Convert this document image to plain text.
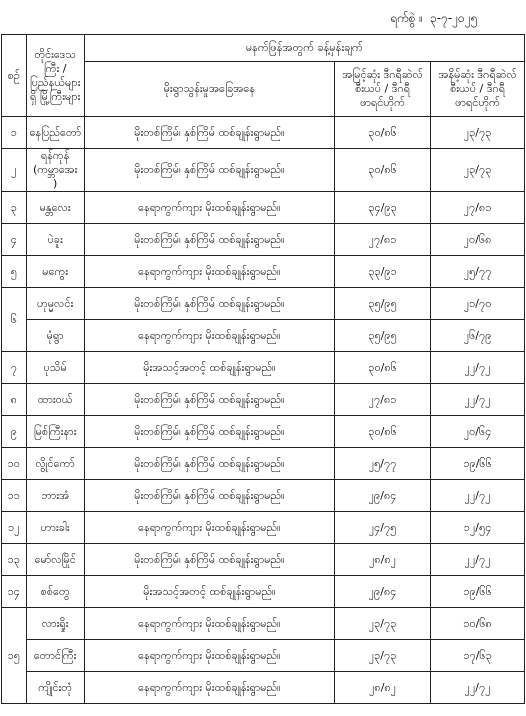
ရက်စွဲ ။ ၃-၇-၂၀၂၅
စဉ်	တိုင်းဒေသကြီး / ပြည်နယ်များရှိ မြို့ကြီးများ	မနက်ဖြန်အတွက် ခန့်မှန်းချက်		
		မိုးရွာသွန်းမှုအခြေအနေ	အမြင့်ဆုံး ဒီဂရီဆဲလ်စီးယပ် / ဒီဂရီဖာရင်ဟိုက်	အနိမ့်ဆုံး ဒီဂရီဆဲလ်စီးယပ် / ဒီဂရီဖာရင်ဟိုက်
၁	နေပြည်တော်	မိုးတစ်ကြိမ်၊ နှစ်ကြိမ် ထစ်ချုန်းရွာမည်။	၃၀/၈၆	၂၃/၇၃
၂	ရန်ကုန် (ကမ္ဘာအေး )	မိုးတစ်ကြိမ်၊ နှစ်ကြိမ် ထစ်ချုန်းရွာမည်။	၃၀/၈၆	၂၃/၇၃
၃	မန္တလေး	နေရာကွက်ကျား မိုးထစ်ချုန်းရွာမည်။	၃၄/၉၃	၂၇/၈၁
၄	ပဲခူး	မိုးတစ်ကြိမ်၊ နှစ်ကြိမ် ထစ်ချုန်းရွာမည်။	၂၇/၈၁	၂၀/၆၈
၅	မကွေး	နေရာကွက်ကျား မိုးထစ်ချုန်းရွာမည်။	၃၃/၉၁	၂၅/၇၇
၆	ဟုမ္မလင်း	မိုးတစ်ကြိမ်၊ နှစ်ကြိမ် ထစ်ချုန်းရွာမည်။	၃၅/၉၅	၂၁/၇၀
	မုံရွာ	နေရာကွက်ကျား မိုးထစ်ချုန်းရွာမည်။	၃၅/၉၅	၂၆/၇၉
၇	ပုသိမ်	မိုးအသင့်အတင့် ထစ်ချုန်းရွာမည်။	၃၀/၈၆	၂၂/၇၂
၈	ထားဝယ်	မိုးတစ်ကြိမ်၊ နှစ်ကြိမ် ထစ်ချုန်းရွာမည်။	၂၇/၈၁	၂၂/၇၂
၉	မြစ်ကြီးနား	မိုးတစ်ကြိမ်၊ နှစ်ကြိမ် ထစ်ချုန်းရွာမည်။	၃၀/၈၆	၂၀/၆၄
၁၀	လွိုင်ကော်	မိုးတစ်ကြိမ်၊ နှစ်ကြိမ် ထစ်ချုန်းရွာမည်။	၂၅/၇၇	၁၉/၆၆
၁၁	ဘားအံ	မိုးတစ်ကြိမ်၊ နှစ်ကြိမ် ထစ်ချုန်းရွာမည်။	၂၉/၈၄	၂၂/၇၂
၁၂	ဟားခါး	နေရာကွက်ကျား မိုးထစ်ချုန်းရွာမည်။	၂၄/၇၅	၁၂/၅၄
၁၃	မော်လမြိုင်	မိုးတစ်ကြိမ်၊ နှစ်ကြိမ် ထစ်ချုန်းရွာမည်။	၂၈/၈၂	၂၂/၇၂
၁၄	စစ်တွေ	မိုးအသင့်အတင့် ထစ်ချုန်းရွာမည်။	၂၉/၈၄	၁၉/၆၆
၁၅	လားရှိုး	နေရာကွက်ကျား မိုးထစ်ချုန်းရွာမည်။	၂၃/၇၃	၁၀/၆၈
	တောင်ကြီး	နေရာကွက်ကျား မိုးထစ်ချုန်းရွာမည်။	၂၃/၇၃	၁၇/၆၃
	ကျိုင်းတုံ	နေရာကွက်ကျား မိုးထစ်ချုန်းရွာမည်။	၂၈/၈၂	၂၂/၇၂
